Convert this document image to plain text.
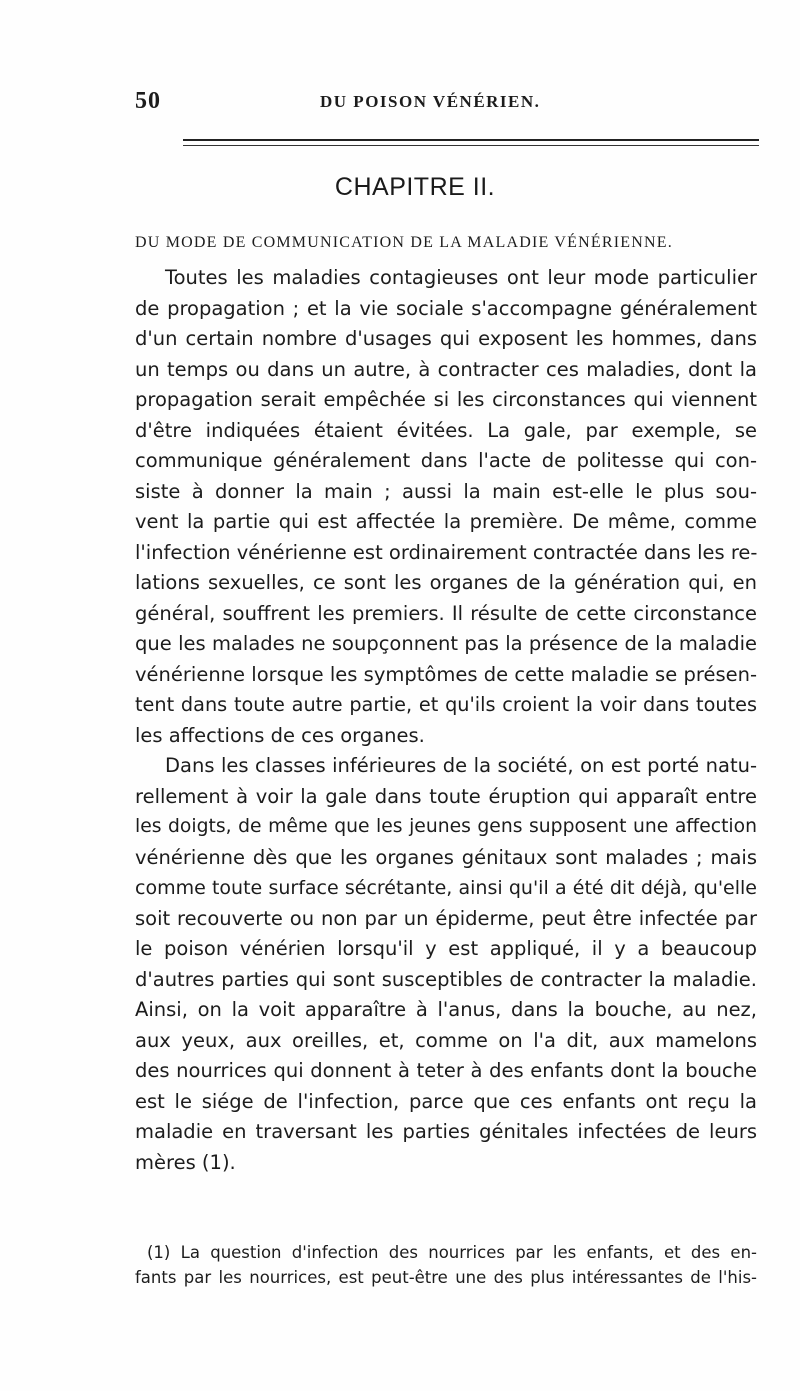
50	DU POISON VÉNÉRIEN.
CHAPITRE II.
DU MODE DE COMMUNICATION DE LA MALADIE VÉNÉRIENNE.
Toutes les maladies contagieuses ont leur mode particulier
de propagation ; et la vie sociale s'accompagne généralement
d'un certain nombre d'usages qui exposent les hommes, dans
un temps ou dans un autre, à contracter ces maladies, dont la
propagation serait empêchée si les circonstances qui viennent
d'être indiquées étaient évitées. La gale, par exemple, se
communique généralement dans l'acte de politesse qui con-
siste à donner la main ; aussi la main est-elle le plus sou-
vent la partie qui est affectée la première. De même, comme
l'infection vénérienne est ordinairement contractée dans les re-
lations sexuelles, ce sont les organes de la génération qui, en
général, souffrent les premiers. Il résulte de cette circonstance
que les malades ne soupçonnent pas la présence de la maladie
vénérienne lorsque les symptômes de cette maladie se présen-
tent dans toute autre partie, et qu'ils croient la voir dans toutes
les affections de ces organes.
Dans les classes inférieures de la société, on est porté natu-
rellement à voir la gale dans toute éruption qui apparaît entre
les doigts, de même que les jeunes gens supposent une affection
vénérienne dès que les organes génitaux sont malades ; mais
comme toute surface sécrétante, ainsi qu'il a été dit déjà, qu'elle
soit recouverte ou non par un épiderme, peut être infectée par
le poison vénérien lorsqu'il y est appliqué, il y a beaucoup
d'autres parties qui sont susceptibles de contracter la maladie.
Ainsi, on la voit apparaître à l'anus, dans la bouche, au nez,
aux yeux, aux oreilles, et, comme on l'a dit, aux mamelons
des nourrices qui donnent à teter à des enfants dont la bouche
est le siége de l'infection, parce que ces enfants ont reçu la
maladie en traversant les parties génitales infectées de leurs
mères (1).
(1) La question d'infection des nourrices par les enfants, et des en-
fants par les nourrices, est peut-être une des plus intéressantes de l'his-
